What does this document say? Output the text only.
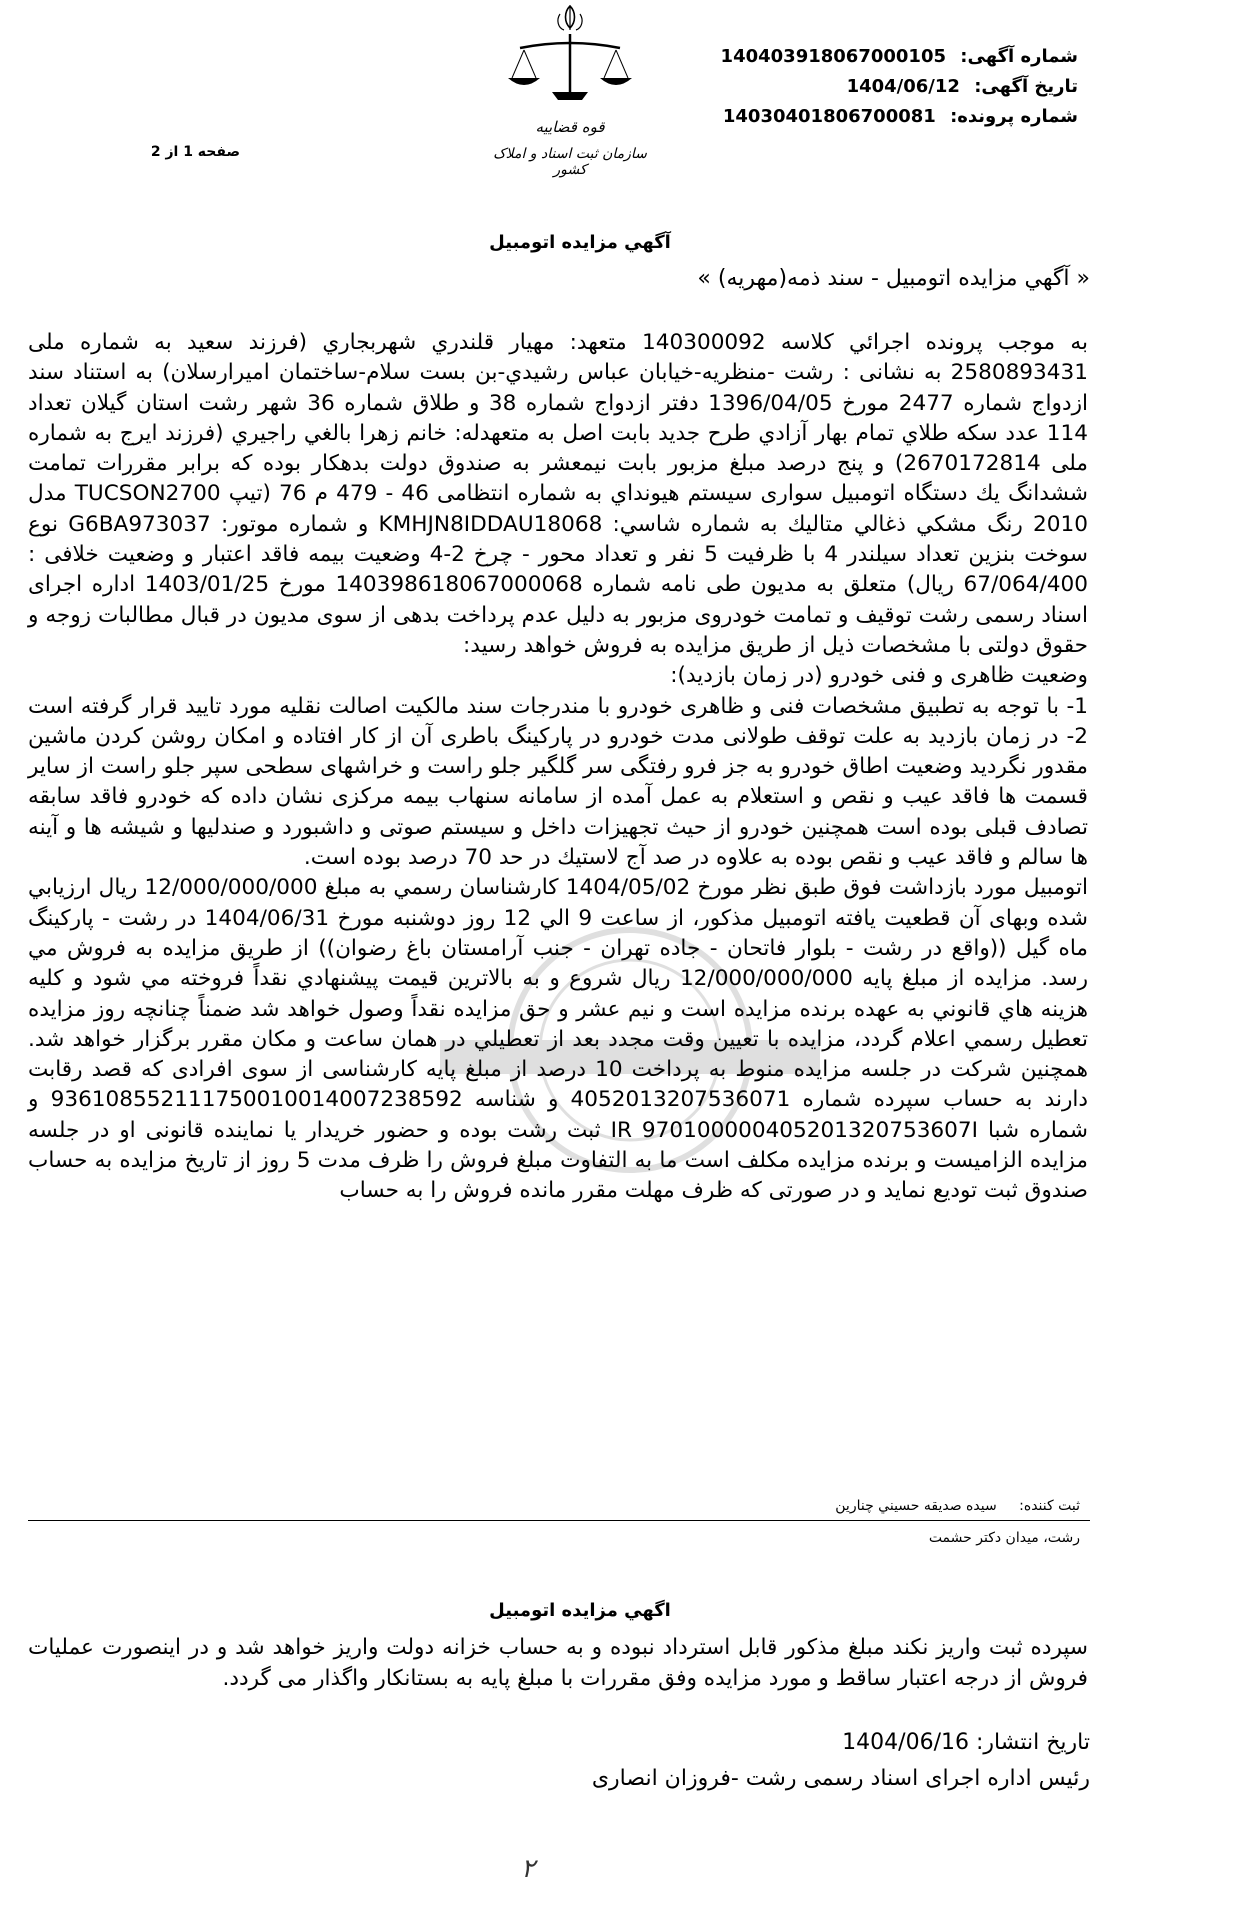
قوه قضاییه
سازمان ثبت اسناد و املاک کشور
شماره آگهی: 140403918067000105
تاریخ آگهی: 1404/06/12
شماره پرونده: 14030401806700081
صفحه 1 از 2
آگهي مزايده اتومبيل
« آگهي مزايده اتومبيل - سند ذمه(مهريه) »

به موجب پرونده اجرائي كلاسه 140300092 متعهد: مهيار قلندري شهربجاري (فرزند سعيد به شماره ملى 2580893431 به نشانى : رشت -منظريه-خيابان عباس رشيدي-بن بست سلام-ساختمان اميرارسلان) به استناد سند ازدواج شماره 2477 مورخ 1396/04/05 دفتر ازدواج شماره 38 و طلاق شماره 36 شهر رشت استان گيلان تعداد 114 عدد سكه طلاي تمام بهار آزادي طرح جديد بابت اصل به متعهدله: خانم زهرا بالغي راجيري (فرزند ايرج به شماره ملى 2670172814) و پنج درصد مبلغ مزبور بابت نيمعشر به صندوق دولت بدهكار بوده كه برابر مقررات تمامت ششدانگ يك دستگاه اتومبيل سوارى سيستم هيونداي به شماره انتظامى 46 - 479 م 76 (تيپ TUCSON2700 مدل 2010 رنگ مشكي ذغالي متاليك به شماره شاسي: KMHJN8IDDAU18068 و شماره موتور: G6BA973037 نوع سوخت بنزين تعداد سيلندر 4 با ظرفيت 5 نفر و تعداد محور - چرخ 2-4 وضعيت بيمه فاقد اعتبار و وضعيت خلافى : 67/064/400 ريال) متعلق به مديون طى نامه شماره 140398618067000068 مورخ 1403/01/25 اداره اجراى اسناد رسمى رشت توقيف و تمامت خودروى مزبور به دليل عدم پرداخت بدهى از سوى مديون در قبال مطالبات زوجه و حقوق دولتى با مشخصات ذيل از طريق مزايده به فروش خواهد رسيد:

وضعيت ظاهرى و فنى خودرو (در زمان بازديد):

1- با توجه به تطبيق مشخصات فنى و ظاهرى خودرو با مندرجات سند مالكيت اصالت نقليه مورد تاييد قرار گرفته است 2- در زمان بازديد به علت توقف طولانى مدت خودرو در پاركينگ باطرى آن از كار افتاده و امكان روشن كردن ماشين مقدور نگرديد وضعيت اطاق خودرو به جز فرو رفتگى سر گلگير جلو راست و خراشهاى سطحى سپر جلو راست از ساير قسمت ها فاقد عيب و نقص و استعلام به عمل آمده از سامانه سنهاب بيمه مركزى نشان داده كه خودرو فاقد سابقه تصادف قبلى بوده است همچنين خودرو از حيث تجهيزات داخل و سيستم صوتى و داشبورد و صندليها و شيشه ها و آينه ها سالم و فاقد عيب و نقص بوده به علاوه در صد آج لاستيك در حد 70 درصد بوده است.

اتومبيل مورد بازداشت فوق طبق نظر مورخ 1404/05/02 كارشناسان رسمي به مبلغ 12/000/000/000 ريال ارزيابي شده وبهاى آن قطعيت يافته اتومبيل مذكور، از ساعت 9 الي 12 روز دوشنبه مورخ 1404/06/31 در رشت - پاركينگ ماه گيل ((واقع در رشت - بلوار فاتحان - جاده تهران - جنب آرامستان باغ رضوان)) از طريق مزايده به فروش مي رسد. مزايده از مبلغ پايه 12/000/000/000 ريال شروع و به بالاترين قيمت پيشنهادي نقداً فروخته مي شود و كليه هزينه هاي قانوني به عهده برنده مزايده است و نيم عشر و حق مزايده نقداً وصول خواهد شد ضمناً چنانچه روز مزايده تعطيل رسمي اعلام گردد، مزايده با تعيين وقت مجدد بعد از تعطيلي در همان ساعت و مكان مقرر برگزار خواهد شد. همچنين شركت در جلسه مزايده منوط به پرداخت 10 درصد از مبلغ پايه كارشناسى از سوى افرادى كه قصد رقابت دارند به حساب سپرده شماره 4052013207536071 و شناسه 936108552111750010014007238592 و شماره شبا IR 970100000405201320753607I ثبت رشت بوده و حضور خريدار يا نماينده قانونى او در جلسه مزايده الزاميست و برنده مزايده مكلف است ما به التفاوت مبلغ فروش را ظرف مدت 5 روز از تاريخ مزايده به حساب صندوق ثبت توديع نمايد و در صورتى كه ظرف مهلت مقرر مانده فروش را به حساب

ثبت كننده: سيده صديقه حسيني چنارين
رشت، ميدان دكتر حشمت
اگهي مزايده اتومبيل

سپرده ثبت واريز نكند مبلغ مذكور قابل استرداد نبوده و به حساب خزانه دولت واريز خواهد شد و در اينصورت عمليات فروش از درجه اعتبار ساقط و مورد مزايده وفق مقررات با مبلغ پايه به بستانكار واگذار مى گردد.

تاريخ انتشار: 1404/06/16
رئيس اداره اجراى اسناد رسمى رشت -فروزان انصارى
٢
